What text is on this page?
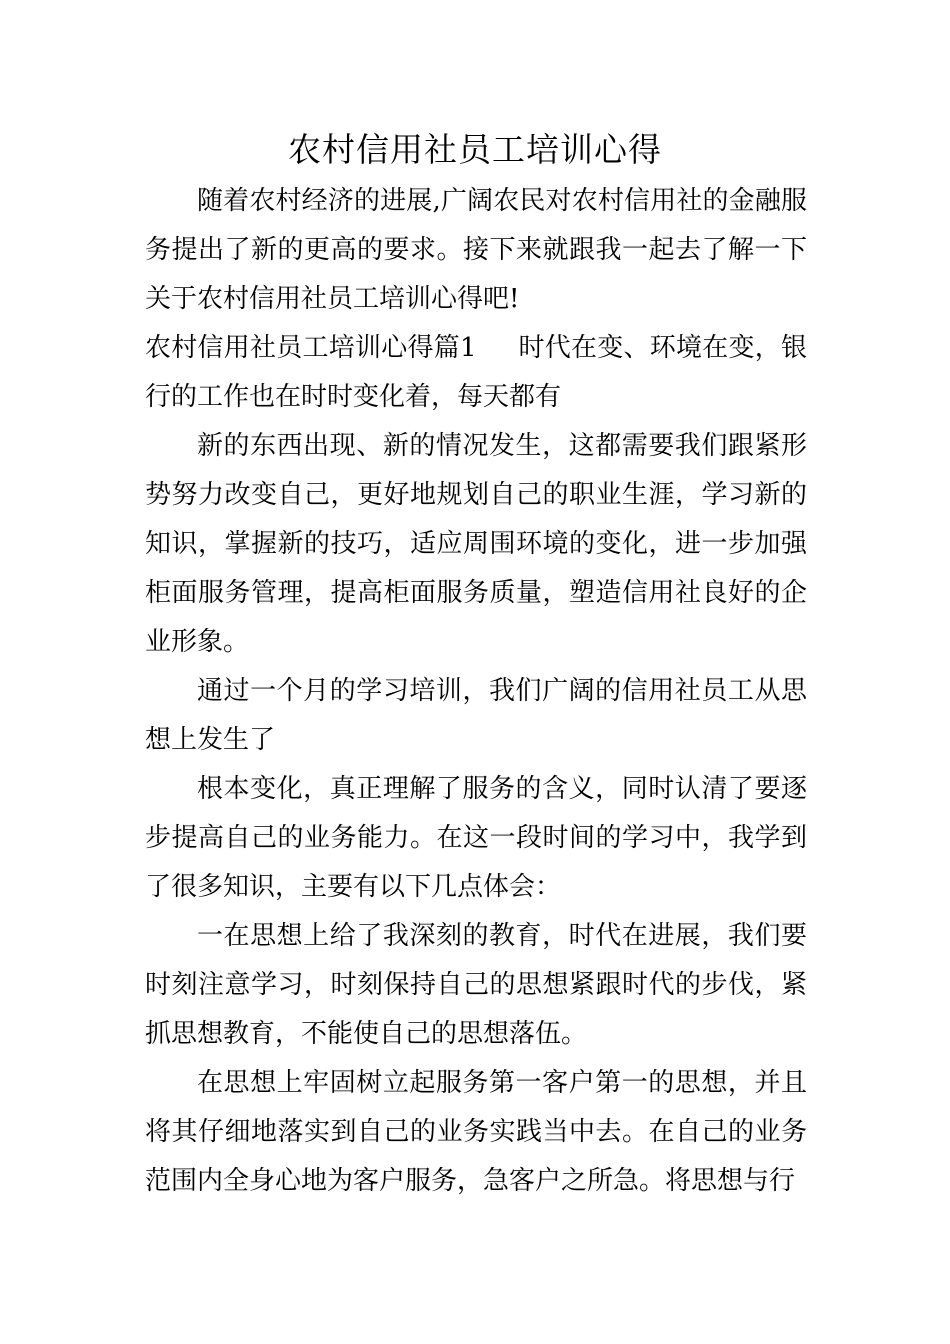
农村信用社员工培训心得

随着农村经济的进展,广阔农民对农村信用社的金融服务提出了新的更高的要求。接下来就跟我一起去了解一下关于农村信用社员工培训心得吧!

农村信用社员工培训心得篇1 时代在变、环境在变，银行的工作也在时时变化着，每天都有

新的东西出现、新的情况发生，这都需要我们跟紧形势努力改变自己，更好地规划自己的职业生涯，学习新的知识，掌握新的技巧，适应周围环境的变化，进一步加强柜面服务管理，提高柜面服务质量，塑造信用社良好的企业形象。

通过一个月的学习培训，我们广阔的信用社员工从思想上发生了

根本变化，真正理解了服务的含义，同时认清了要逐步提高自己的业务能力。在这一段时间的学习中，我学到了很多知识，主要有以下几点体会：

一在思想上给了我深刻的教育，时代在进展，我们要时刻注意学习，时刻保持自己的思想紧跟时代的步伐，紧抓思想教育，不能使自己的思想落伍。

在思想上牢固树立起服务第一客户第一的思想，并且将其仔细地落实到自己的业务实践当中去。在自己的业务范围内全身心地为客户服务，急客户之所急。将思想与行
